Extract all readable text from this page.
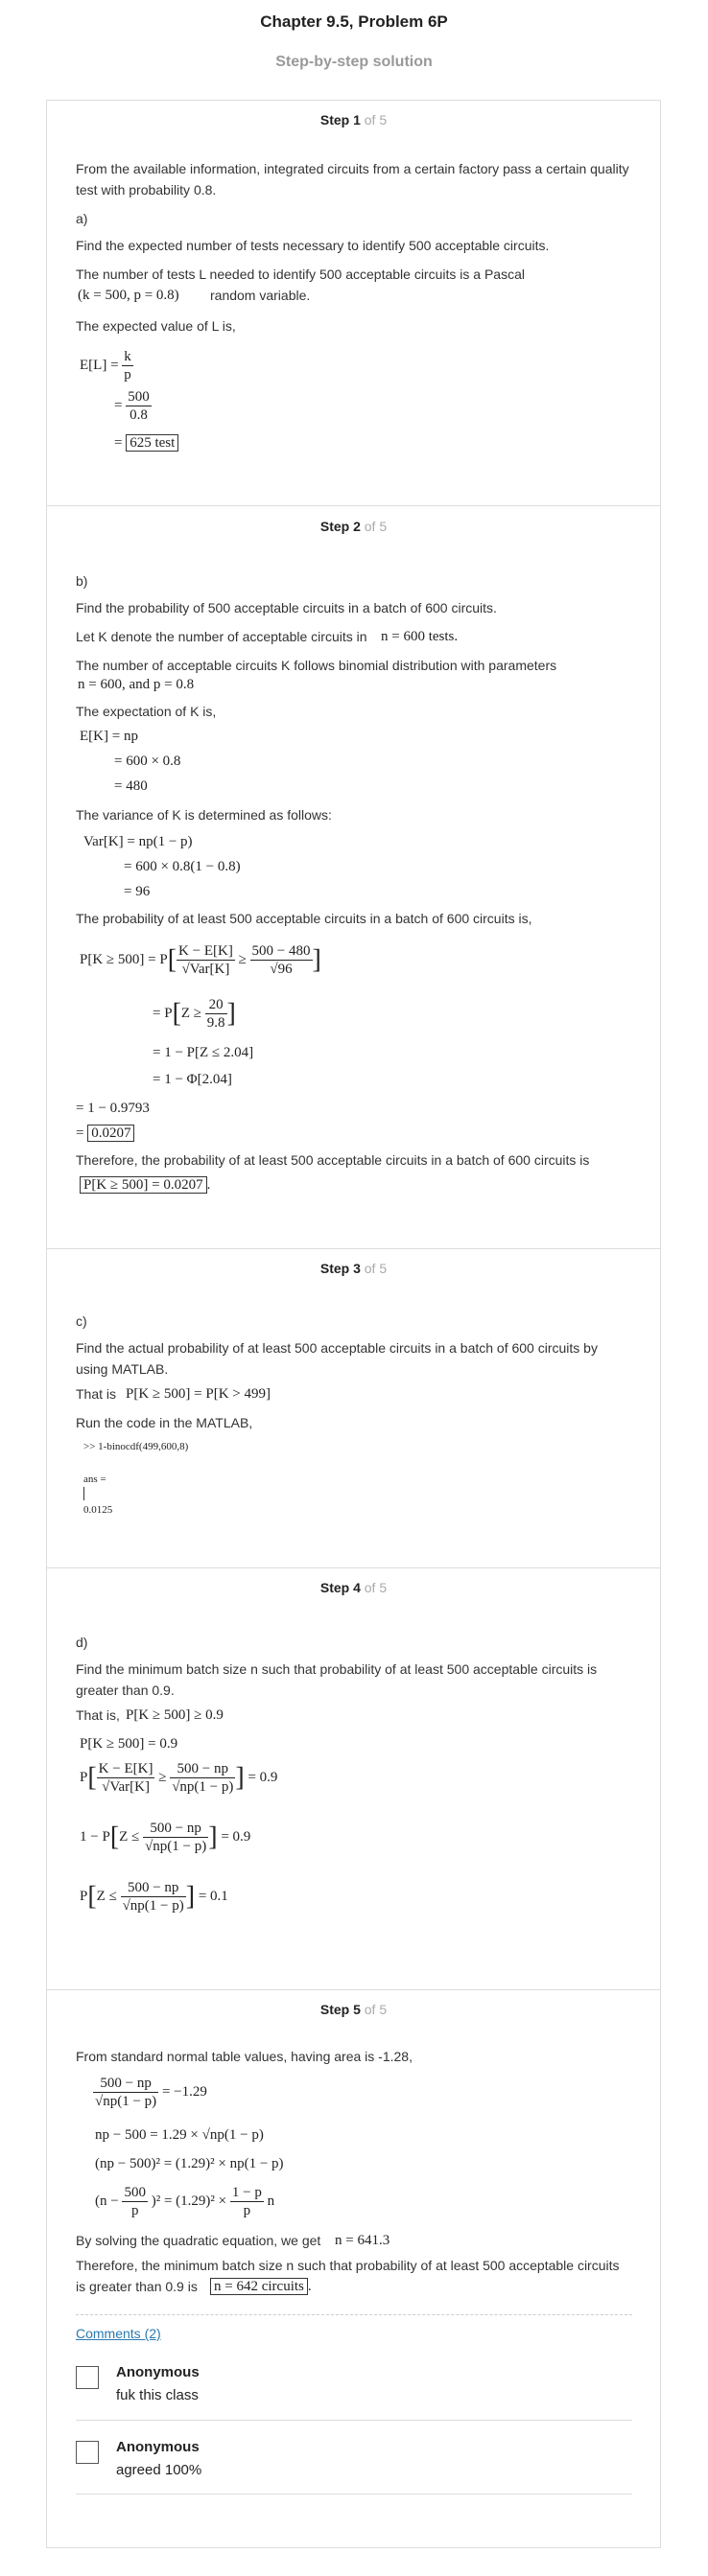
Chapter 9.5, Problem 6P
Step-by-step solution
Step 1 of 5
From the available information, integrated circuits from a certain factory pass a certain quality test with probability 0.8.
a)
Find the expected number of tests necessary to identify 500 acceptable circuits.
The number of tests L needed to identify 500 acceptable circuits is a Pascal
(k = 500, p = 0.8) random variable.
The expected value of L is,
$E[L] = \frac{k}{p}$
= $\frac{500}{0.8}$
= 625 test
Step 2 of 5
b)
Find the probability of 500 acceptable circuits in a batch of 600 circuits.
Let K denote the number of acceptable circuits in n = 600 tests.
The number of acceptable circuits K follows binomial distribution with parameters
n = 600, and p = 0.8
The expectation of K is,
E[K] = np
= 600 × 0.8
= 480
The variance of K is determined as follows:
Var[K] = np(1 − p)
= 600 × 0.8(1 − 0.8)
= 96
The probability of at least 500 acceptable circuits in a batch of 600 circuits is,
$P[K \ge 500] = P[ \frac{K - E[K]}{\text{√Var[K]}} \ge \frac{500 - 480}{√96}$ ]
= $P[Z \ge \frac{20}{9.8}$ ]
= 1 − P[Z ≤ 2.04]
= 1 − Φ[2.04]
= 1 − 0.9793
= 0.0207
Therefore, the probability of at least 500 acceptable circuits in a batch of 600 circuits is
P[K ≥ 500] = 0.0207 .
Step 3 of 5
c)
Find the actual probability of at least 500 acceptable circuits in a batch of 600 circuits by using MATLAB.
That is P[K ≥ 500] = P[K > 499]
Run the code in the MATLAB,
>> 1-binocdf(499,600,8)
ans =
0.0125
Step 4 of 5
d)
Find the minimum batch size n such that probability of at least 500 acceptable circuits is greater than 0.9.
That is, P[K ≥ 500] ≥ 0.9
P[K ≥ 500] = 0.9
$P[ \frac{K - E[K]}{\text{√Var[K]}} \ge \frac{500 - np}{√np(1 - p)}$ ] = 0.9
$1 - P[Z \le \frac{500 - np}{√np(1 - p)}$ ] = 0.9
$P[Z \le \frac{500 - np}{√np(1 - p)}$ ] = 0.1
Step 5 of 5
From standard normal table values, having area is -1.28,
$\frac{500 - np}{√np(1 - p)} = -1.29$
np − 500 = 1.29 × √np(1 − p)
(np − 500)² = (1.29)² × np(1 − p)
$(n - \frac{500}{p} )^2 = (1.29)^2 \times \frac{1 - p}{p}$ n
By solving the quadratic equation, we get n = 641.3
Therefore, the minimum batch size n such that probability of at least 500 acceptable circuits
is greater than 0.9 is	n = 642 circuits .
Comments (2)
Anonymous
fuk this class
Anonymous
agreed 100%
